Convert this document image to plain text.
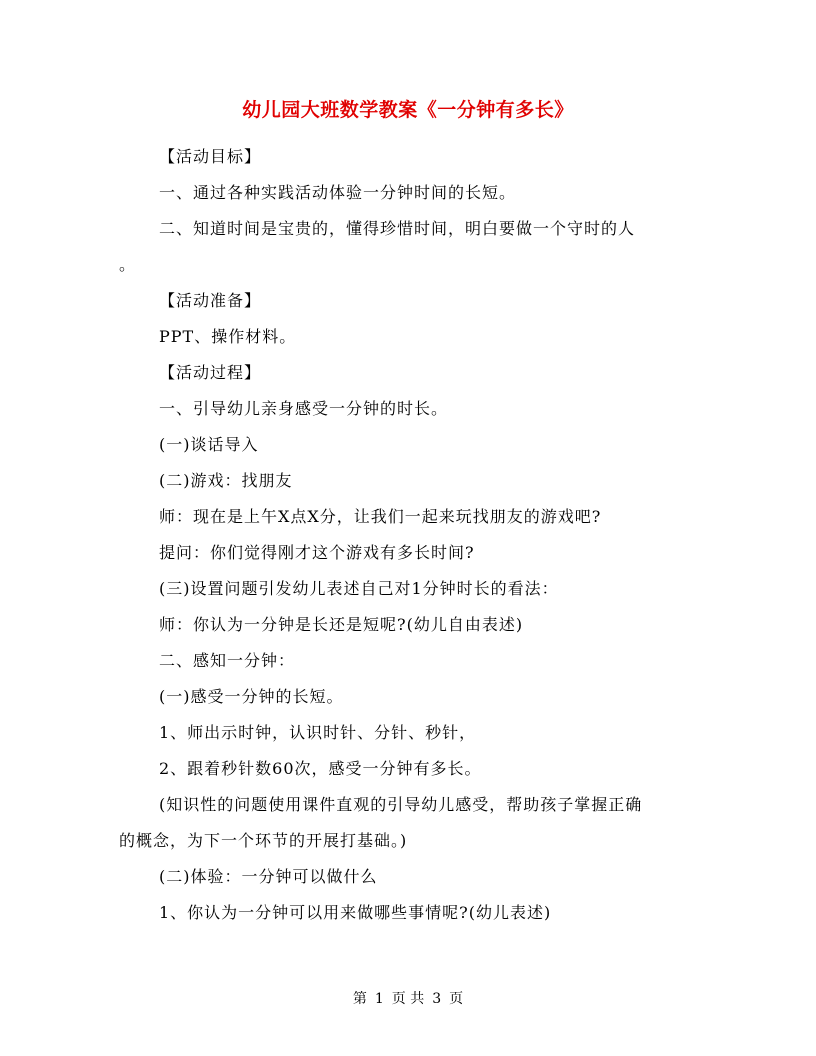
幼儿园大班数学教案《一分钟有多长》
【活动目标】
一、通过各种实践活动体验一分钟时间的长短。
二、知道时间是宝贵的，懂得珍惜时间，明白要做一个守时的人
。
【活动准备】
PPT、操作材料。
【活动过程】
一、引导幼儿亲身感受一分钟的时长。
(一)谈话导入
(二)游戏：找朋友
师：现在是上午X点X分，让我们一起来玩找朋友的游戏吧?
提问：你们觉得刚才这个游戏有多长时间?
(三)设置问题引发幼儿表述自己对1分钟时长的看法：
师：你认为一分钟是长还是短呢?(幼儿自由表述)
二、感知一分钟：
(一)感受一分钟的长短。
1、师出示时钟，认识时针、分针、秒针，
2、跟着秒针数60次，感受一分钟有多长。
(知识性的问题使用课件直观的引导幼儿感受，帮助孩子掌握正确
的概念，为下一个环节的开展打基础。)
(二)体验：一分钟可以做什么
1、你认为一分钟可以用来做哪些事情呢?(幼儿表述)
第 1 页 共 3 页
